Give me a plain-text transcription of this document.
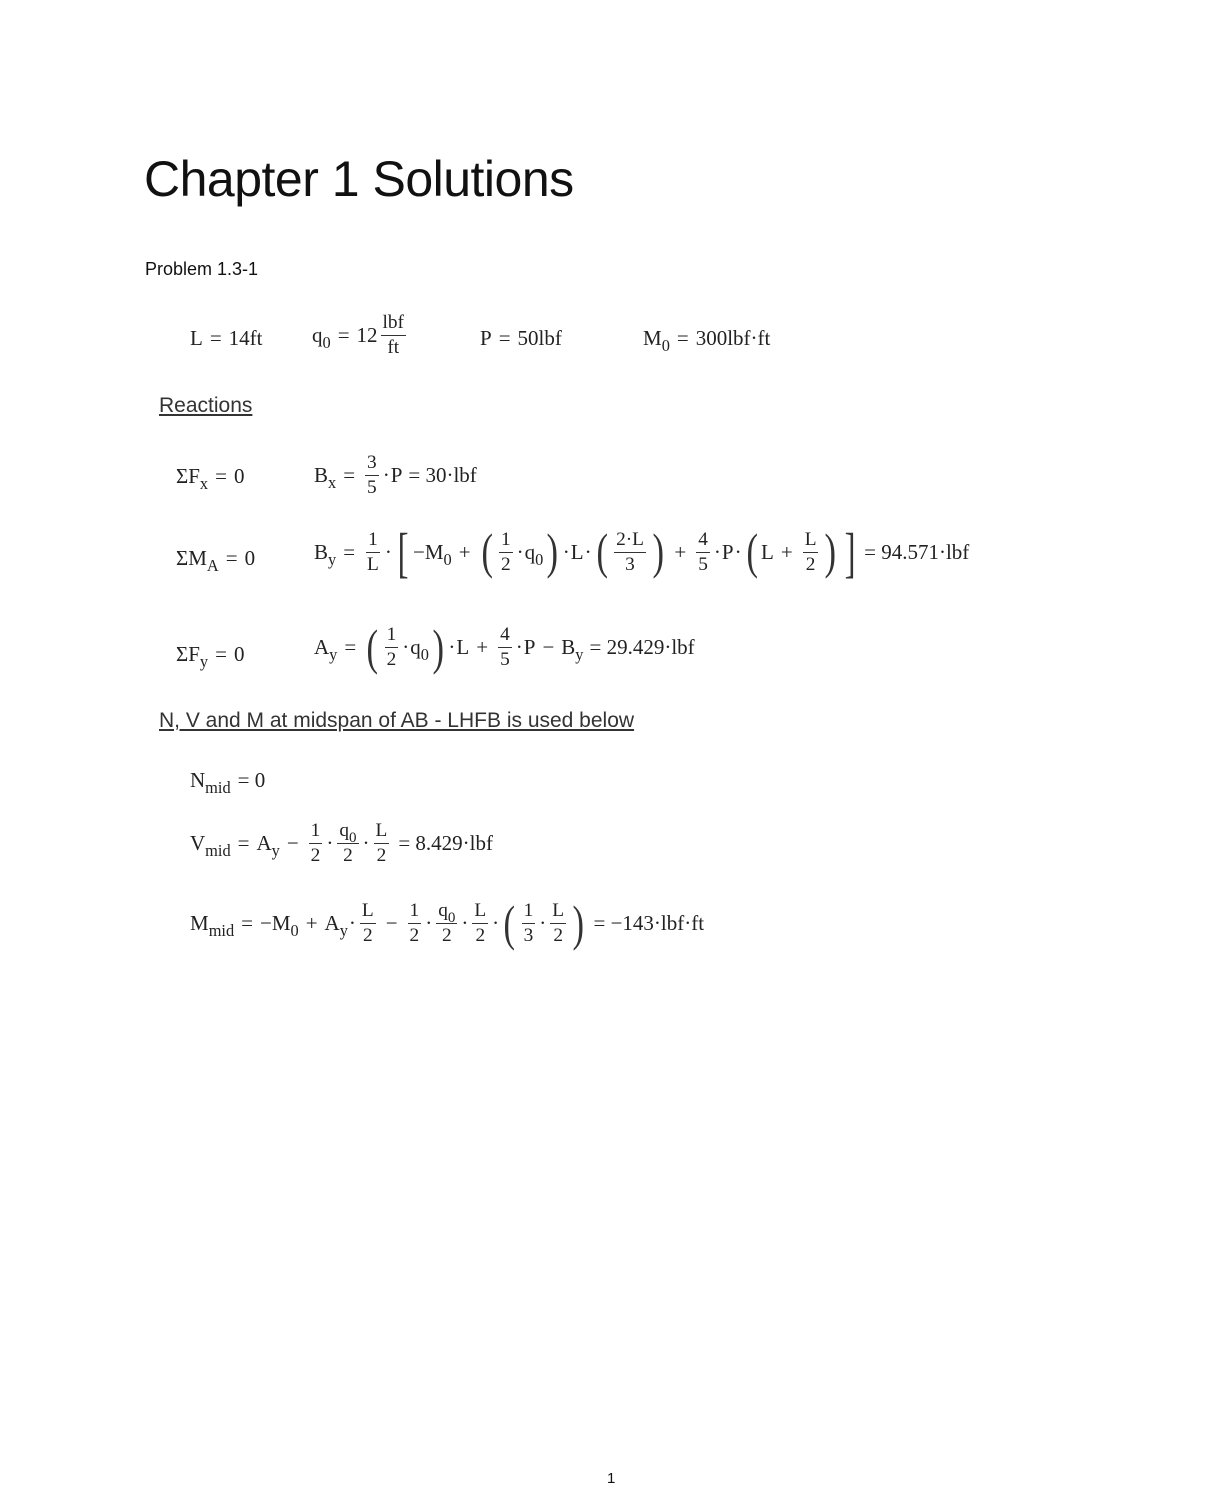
Chapter 1 Solutions
Problem 1.3-1
L = 14ft $q_0 = 12 \frac{\text{lbf}}{ft}$	P = 50lbf	$M_0 = 300lbf\cdot ft$
Reactions
$\Sigma F_x = 0$	$B_x = \frac{3}{5} \cdot P = 30\cdot lbf$
$\Sigma M_A = 0$	$B_y = \frac{1}{L}$ · [ $-M_0$ + ( $\frac{1}{2} \cdot q_0$ ) · L · ( $\frac{2\cdot L}{3}$ ) + $\frac{4}{5} \cdot P$ · ( $L + \frac{L}{2}$ ) ] = 94.571·lbf
$\Sigma F_y = 0$	$A_y$ = ( $\frac{1}{2} \cdot q_0$ ) · $L + \frac{4}{5} \cdot P - B_y = 29.429\cdot lbf$
N, V and M at midspan of AB - LHFB is used below
$N_{mid} = 0$
$V_{mid} = A_y - \frac{1}{2} \cdot \frac{q_0}{2} \cdot \frac{L}{2} = 8.429\cdot lbf$
$M_{mid} = -M_0 + A_y \cdot \frac{L}{2} - \frac{1}{2} \cdot \frac{q_0}{2} \cdot \frac{L}{2}$ · ( $\frac{1}{3} \cdot \frac{L}{2}$ ) = −143·lbf·ft
1
